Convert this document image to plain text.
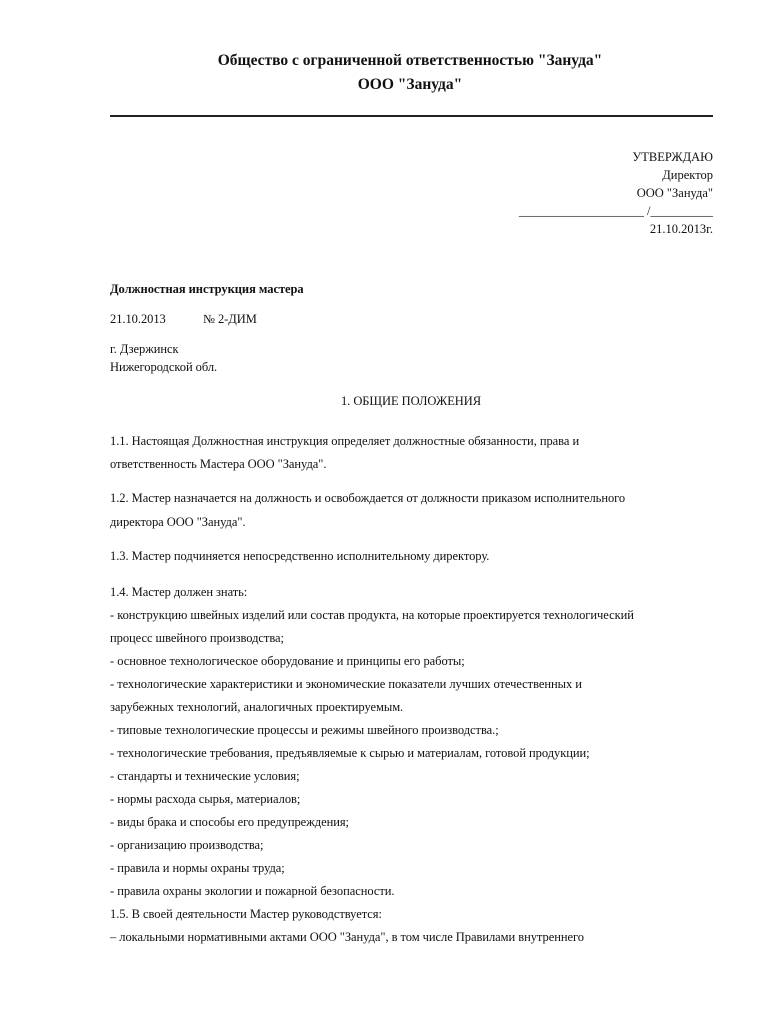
Общество с ограниченной ответственностью "Зануда"
ООО "Зануда"
УТВЕРЖДАЮ
Директор
ООО "Зануда"
____________________ /__________
21.10.2013г.
Должностная инструкция мастера
21.10.2013	№ 2-ДИМ
г. Дзержинск
Нижегородской обл.
1. ОБЩИЕ ПОЛОЖЕНИЯ
1.1. Настоящая Должностная инструкция определяет должностные обязанности, права и
ответственность Мастера ООО "Зануда".
1.2. Мастер назначается на должность и освобождается от должности приказом исполнительного
директора ООО "Зануда".
1.3. Мастер подчиняется непосредственно исполнительному директору.
1.4. Мастер должен знать:
- конструкцию швейных изделий или состав продукта, на которые проектируется технологический
процесс швейного производства;
- основное технологическое оборудование и принципы его работы;
- технологические характеристики и экономические показатели лучших отечественных и
зарубежных технологий, аналогичных проектируемым.
- типовые технологические процессы и режимы швейного производства.;
- технологические требования, предъявляемые к сырью и материалам, готовой продукции;
- стандарты и технические условия;
- нормы расхода сырья, материалов;
- виды брака и способы его предупреждения;
- организацию производства;
- правила и нормы охраны труда;
- правила охраны экологии и пожарной безопасности.
1.5. В своей деятельности Мастер руководствуется:
– локальными нормативными актами ООО "Зануда", в том числе Правилами внутреннего
